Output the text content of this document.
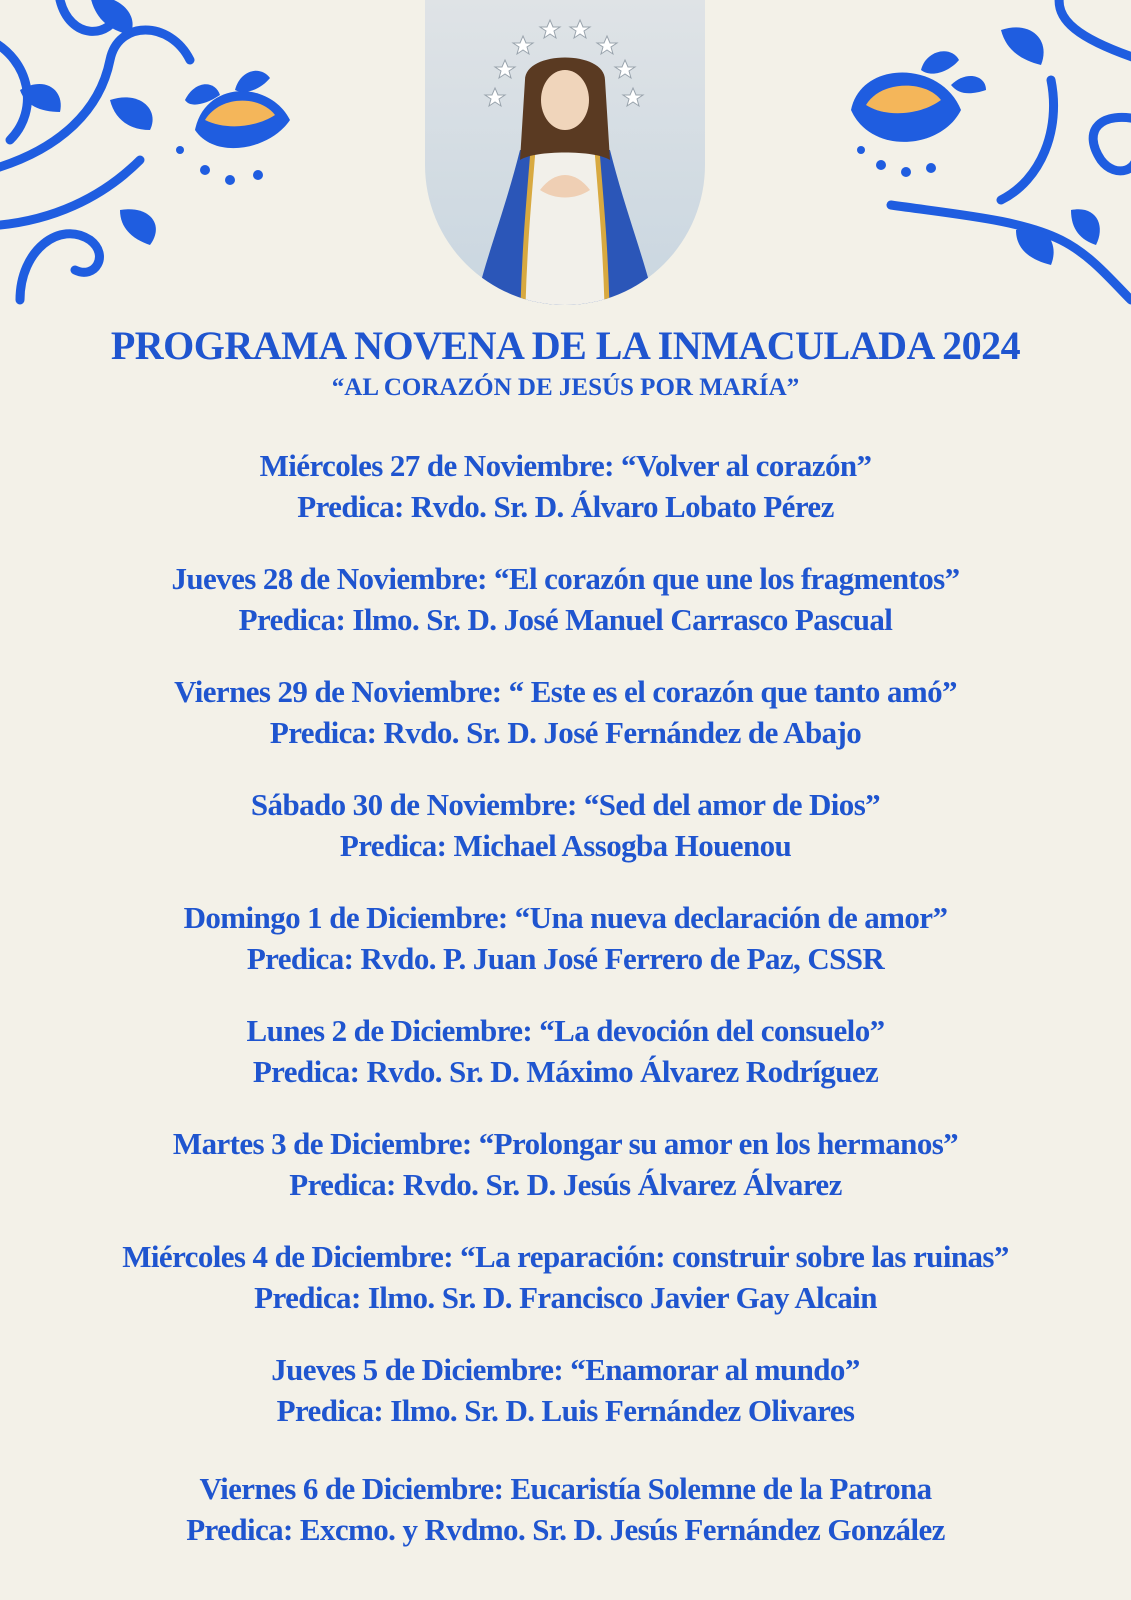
PROGRAMA NOVENA DE LA INMACULADA 2024
“AL CORAZÓN DE JESÚS POR MARÍA”
Miércoles 27 de Noviembre: “Volver al corazón”
Predica: Rvdo. Sr. D. Álvaro Lobato Pérez
Jueves 28 de Noviembre: “El corazón que une los fragmentos”
Predica: Ilmo. Sr. D. José Manuel Carrasco Pascual
Viernes 29 de Noviembre: “ Este es el corazón que tanto amó”
Predica: Rvdo. Sr. D. José Fernández de Abajo
Sábado 30 de Noviembre: “Sed del amor de Dios”
Predica: Michael Assogba Houenou
Domingo 1 de Diciembre: “Una nueva declaración de amor”
Predica: Rvdo. P. Juan José Ferrero de Paz, CSSR
Lunes 2 de Diciembre: “La devoción del consuelo”
Predica: Rvdo. Sr. D. Máximo Álvarez Rodríguez
Martes 3 de Diciembre: “Prolongar su amor en los hermanos”
Predica: Rvdo. Sr. D. Jesús Álvarez Álvarez
Miércoles 4 de Diciembre: “La reparación: construir sobre las ruinas”
Predica: Ilmo. Sr. D. Francisco Javier Gay Alcain
Jueves 5 de Diciembre: “Enamorar al mundo”
Predica: Ilmo. Sr. D. Luis Fernández Olivares
Viernes 6 de Diciembre: Eucaristía Solemne de la Patrona
Predica: Excmo. y Rvdmo. Sr. D. Jesús Fernández González
